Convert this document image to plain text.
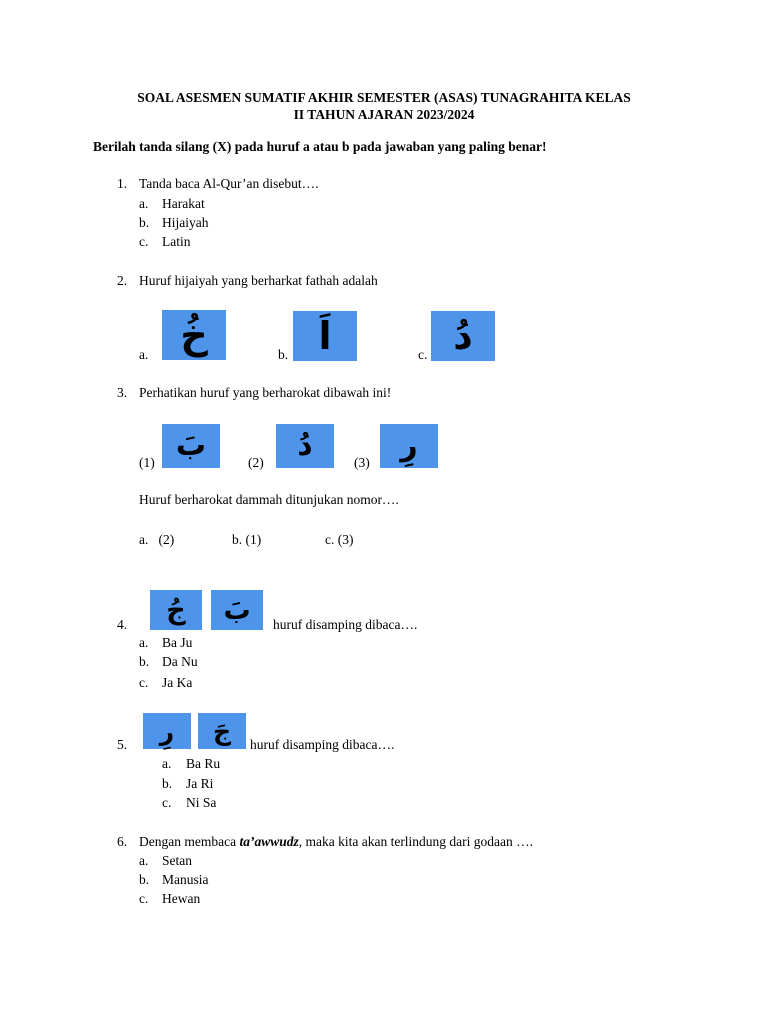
SOAL ASESMEN SUMATIF AKHIR SEMESTER (ASAS) TUNAGRAHITA KELAS
II TAHUN AJARAN 2023/2024
Berilah tanda silang (X) pada huruf a atau b pada jawaban yang paling benar!
1. Tanda baca Al-Qur’an disebut….
a. Harakat
b. Hijaiyah
c. Latin
2. Huruf hijaiyah yang berharkat fathah adalah
a. خُ	b. اَ	c. دُ
3. Perhatikan huruf yang berharokat dibawah ini!
(1) بَ	(2)	دُ	(3)	رِ
Huruf berharokat dammah ditunjukan nomor….
a.   (2)	b. (1)	c. (3)
4.	جُ	بَ	huruf disamping dibaca….
a. Ba Ju
b. Da Nu
c. Ja Ka
5.	رِ	جَ	huruf disamping dibaca….
a. Ba Ru
b. Ja Ri
c. Ni Sa
6. Dengan membaca ta’awwudz, maka kita akan terlindung dari godaan ….
a. Setan
b. Manusia
c. Hewan
